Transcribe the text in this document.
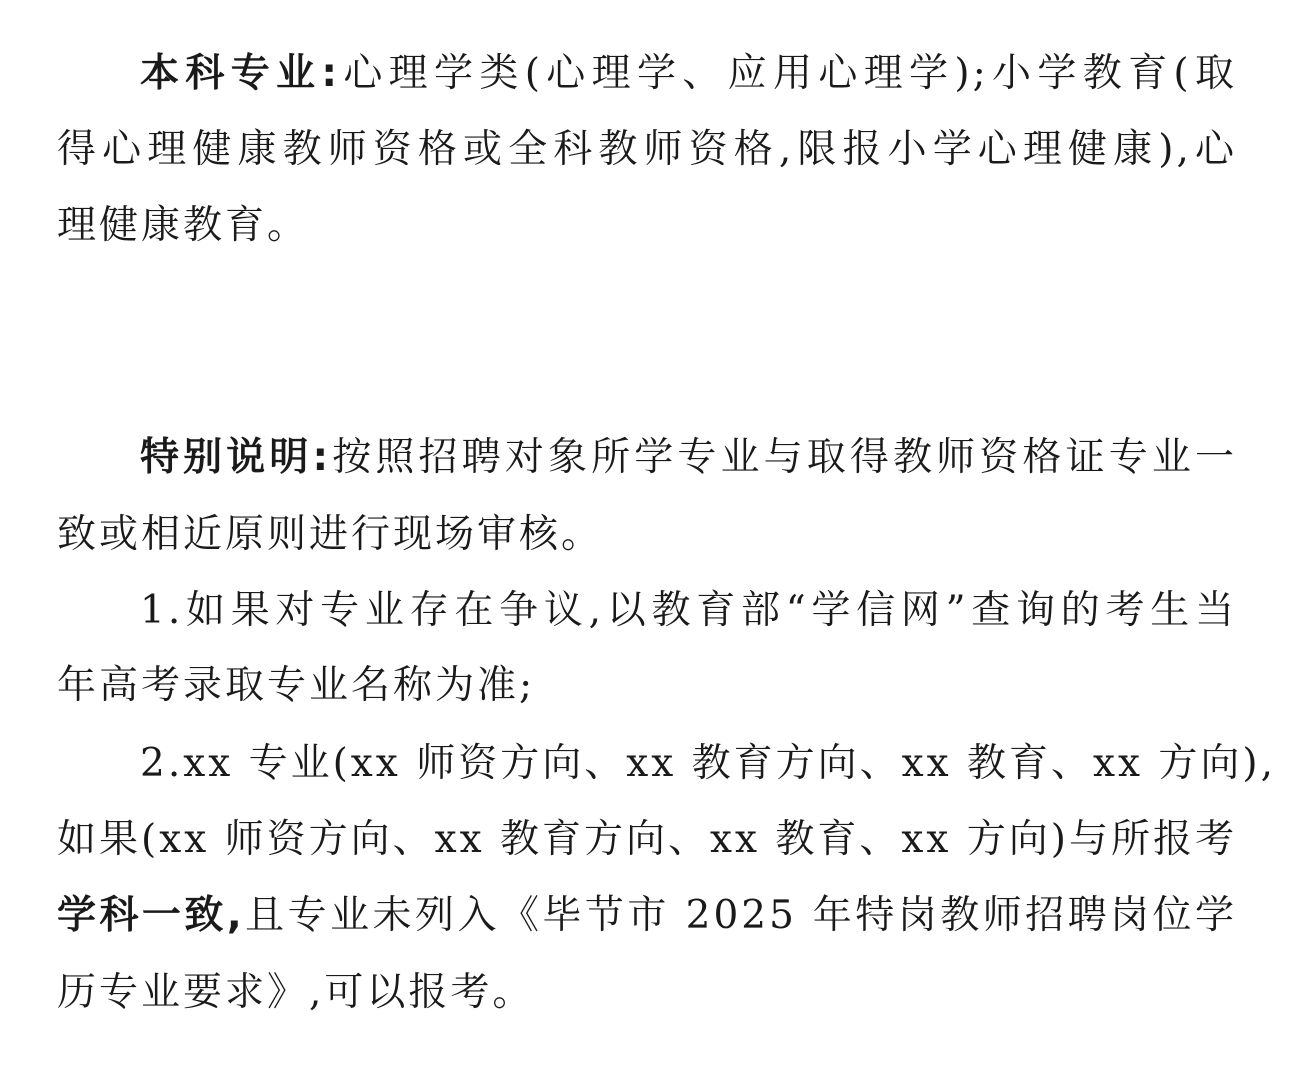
本科专业:心理学类(心理学、应用心理学);小学教育(取
得心理健康教师资格或全科教师资格,限报小学心理健康),心
理健康教育。
特别说明:按照招聘对象所学专业与取得教师资格证专业一
致或相近原则进行现场审核。
1.如果对专业存在争议,以教育部“学信网”查询的考生当
年高考录取专业名称为准;
2.xx 专业(xx 师资方向、xx 教育方向、xx 教育、xx 方向),
如果(xx 师资方向、xx 教育方向、xx 教育、xx 方向)与所报考
学科一致,且专业未列入《毕节市 2025 年特岗教师招聘岗位学
历专业要求》,可以报考。
